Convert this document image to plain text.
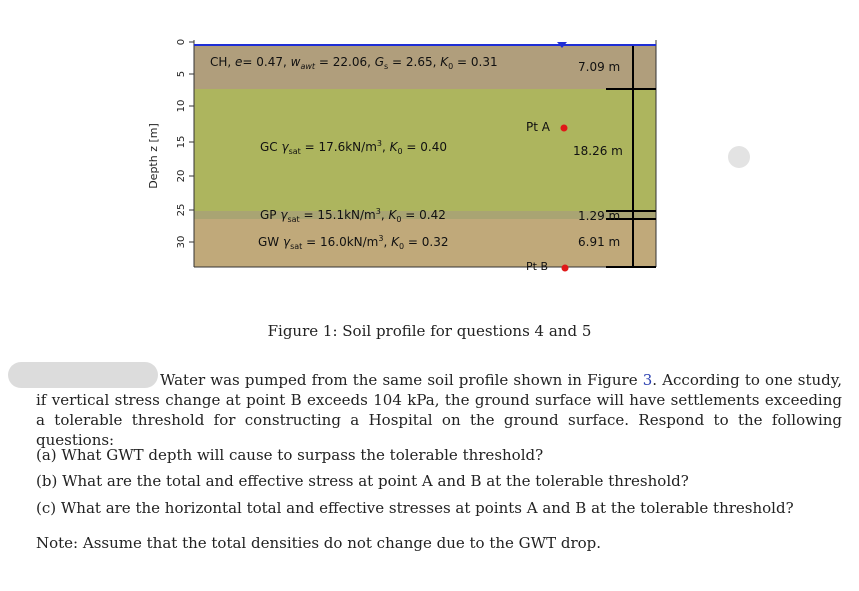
0
5
10
15
20
25
30
Depth z [m]
CH, e= 0.47, $w_{awt} = 22.06$, $G_s = 2.65$, $K_0 = 0.31$
GC $\gamma_{sat} = 17.6kN/m^3$, $K_0 = 0.40$
GP $\gamma_{sat} = 15.1kN/m^3$, $K_0 = 0.42$
GW $\gamma_{sat} = 16.0kN/m^3$, $K_0 = 0.32$
7.09 m
18.26 m
1.29 m
6.91 m
Pt A
Pt B
Figure 1: Soil profile for questions 4 and 5
Water was pumped from the same soil profile shown in Figure 3. According to one study, if vertical stress change at point B exceeds 104 kPa, the ground surface will have settlements exceeding a tolerable threshold for constructing a Hospital on the ground surface. Respond to the following questions:
(a) What GWT depth will cause to surpass the tolerable threshold?
(b) What are the total and effective stress at point A and B at the tolerable threshold?
(c) What are the horizontal total and effective stresses at points A and B at the tolerable threshold?
Note: Assume that the total densities do not change due to the GWT drop.
